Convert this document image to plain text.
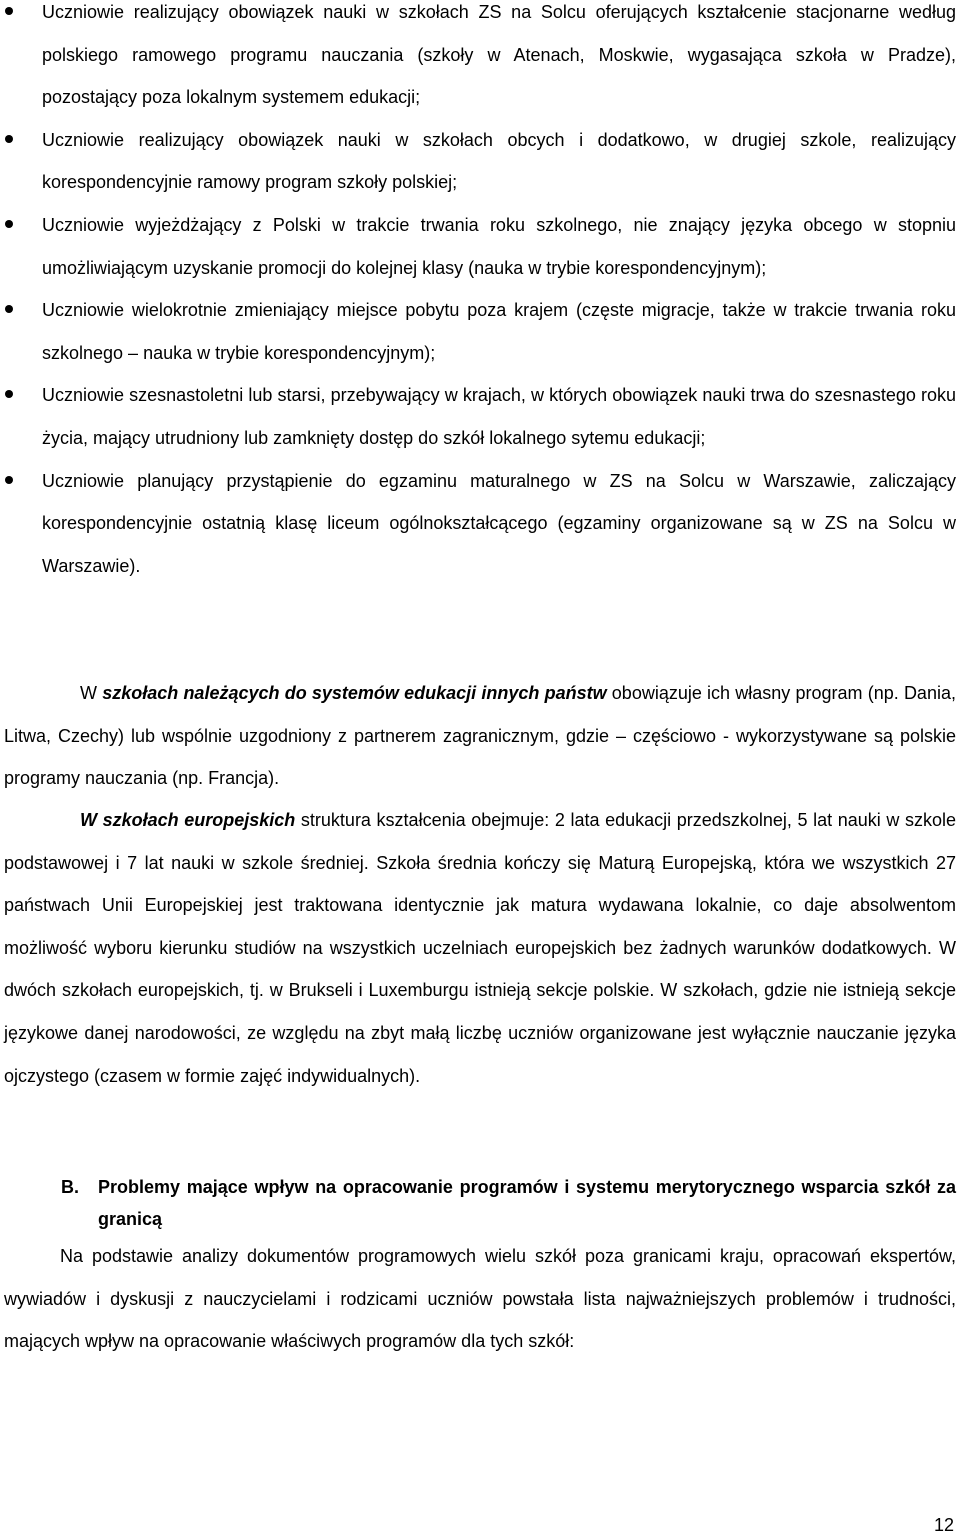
Uczniowie realizujący obowiązek nauki w szkołach ZS na Solcu oferujących kształcenie stacjonarne według polskiego ramowego programu nauczania (szkoły w Atenach, Moskwie, wygasająca szkoła w Pradze), pozostający poza lokalnym systemem edukacji;
Uczniowie realizujący obowiązek nauki w szkołach obcych i dodatkowo, w drugiej szkole, realizujący korespondencyjnie ramowy program szkoły polskiej;
Uczniowie wyjeżdżający z Polski w trakcie trwania roku szkolnego, nie znający języka obcego w stopniu umożliwiającym uzyskanie promocji do kolejnej klasy (nauka w trybie korespondencyjnym);
Uczniowie wielokrotnie zmieniający miejsce pobytu poza krajem (częste migracje, także w trakcie trwania roku szkolnego – nauka w trybie korespondencyjnym);
Uczniowie szesnastoletni lub starsi, przebywający w krajach, w których obowiązek nauki trwa do szesnastego roku życia, mający utrudniony lub zamknięty dostęp do szkół lokalnego sytemu edukacji;
Uczniowie planujący przystąpienie do egzaminu maturalnego w ZS na Solcu w Warszawie, zaliczający korespondencyjnie ostatnią klasę liceum ogólnokształcącego (egzaminy organizowane są w ZS na Solcu w Warszawie).

W szkołach należących do systemów edukacji innych państw obowiązuje ich własny program (np. Dania, Litwa, Czechy) lub wspólnie uzgodniony z partnerem zagranicznym, gdzie – częściowo - wykorzystywane są polskie programy nauczania (np. Francja).

W szkołach europejskich struktura kształcenia obejmuje: 2 lata edukacji przedszkolnej, 5 lat nauki w szkole podstawowej i 7 lat nauki w szkole średniej. Szkoła średnia kończy się Maturą Europejską, która we wszystkich 27 państwach Unii Europejskiej jest traktowana identycznie jak matura wydawana lokalnie, co daje absolwentom możliwość wyboru kierunku studiów na wszystkich uczelniach europejskich bez żadnych warunków dodatkowych. W dwóch szkołach europejskich, tj. w Brukseli i Luxemburgu istnieją sekcje polskie. W szkołach, gdzie nie istnieją sekcje językowe danej narodowości, ze względu na zbyt małą liczbę uczniów organizowane jest wyłącznie nauczanie języka ojczystego (czasem w formie zajęć indywidualnych).

B. Problemy mające wpływ na opracowanie programów i systemu merytorycznego wsparcia szkół za granicą

Na podstawie analizy dokumentów programowych wielu szkół poza granicami kraju, opracowań ekspertów, wywiadów i dyskusji z nauczycielami i rodzicami uczniów powstała lista najważniejszych problemów i trudności, mających wpływ na opracowanie właściwych programów dla tych szkół:

12
